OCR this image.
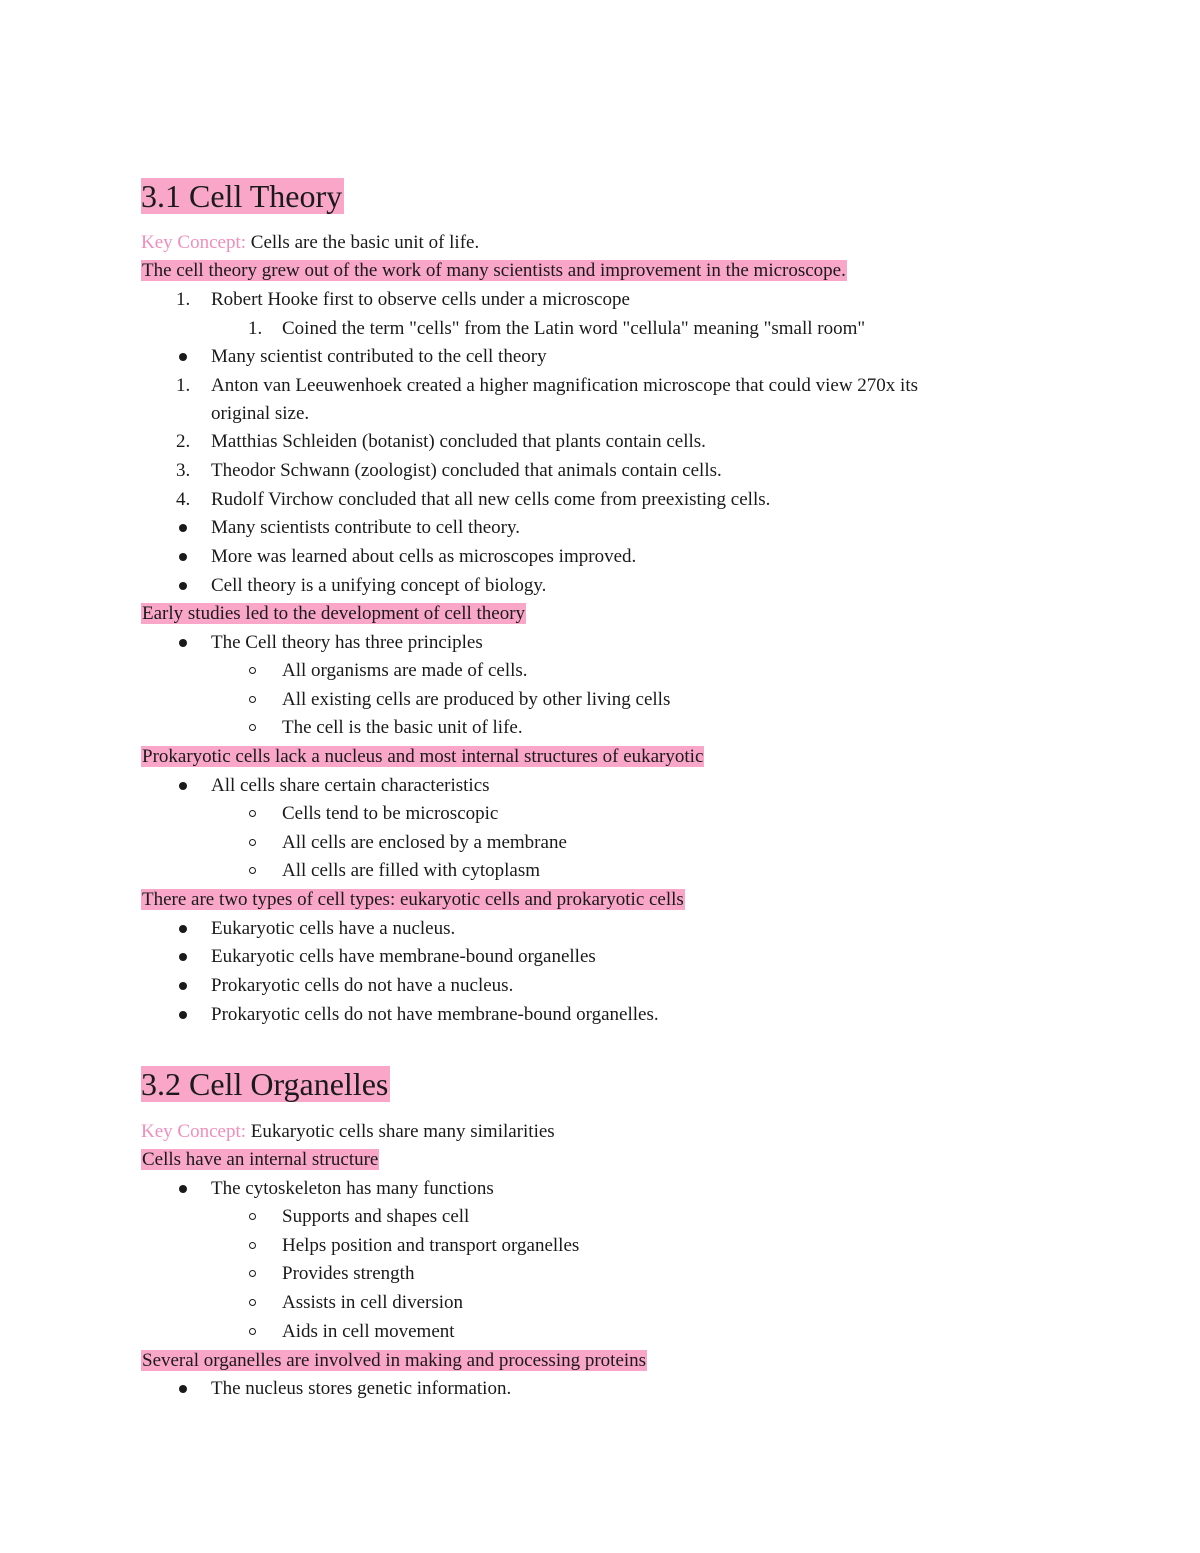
3.1 Cell Theory
Key Concept: Cells are the basic unit of life.
The cell theory grew out of the work of many scientists and improvement in the microscope.
1. Robert Hooke first to observe cells under a microscope
1. Coined the term "cells" from the Latin word "cellula" meaning "small room"
Many scientist contributed to the cell theory
1. Anton van Leeuwenhoek created a higher magnification microscope that could view 270x its
original size.
2. Matthias Schleiden (botanist) concluded that plants contain cells.
3. Theodor Schwann (zoologist) concluded that animals contain cells.
4. Rudolf Virchow concluded that all new cells come from preexisting cells.
Many scientists contribute to cell theory.
More was learned about cells as microscopes improved.
Cell theory is a unifying concept of biology.
Early studies led to the development of cell theory
The Cell theory has three principles
All organisms are made of cells.
All existing cells are produced by other living cells
The cell is the basic unit of life.
Prokaryotic cells lack a nucleus and most internal structures of eukaryotic
All cells share certain characteristics
Cells tend to be microscopic
All cells are enclosed by a membrane
All cells are filled with cytoplasm
There are two types of cell types: eukaryotic cells and prokaryotic cells
Eukaryotic cells have a nucleus.
Eukaryotic cells have membrane-bound organelles
Prokaryotic cells do not have a nucleus.
Prokaryotic cells do not have membrane-bound organelles.
3.2 Cell Organelles
Key Concept: Eukaryotic cells share many similarities
Cells have an internal structure
The cytoskeleton has many functions
Supports and shapes cell
Helps position and transport organelles
Provides strength
Assists in cell diversion
Aids in cell movement
Several organelles are involved in making and processing proteins
The nucleus stores genetic information.
